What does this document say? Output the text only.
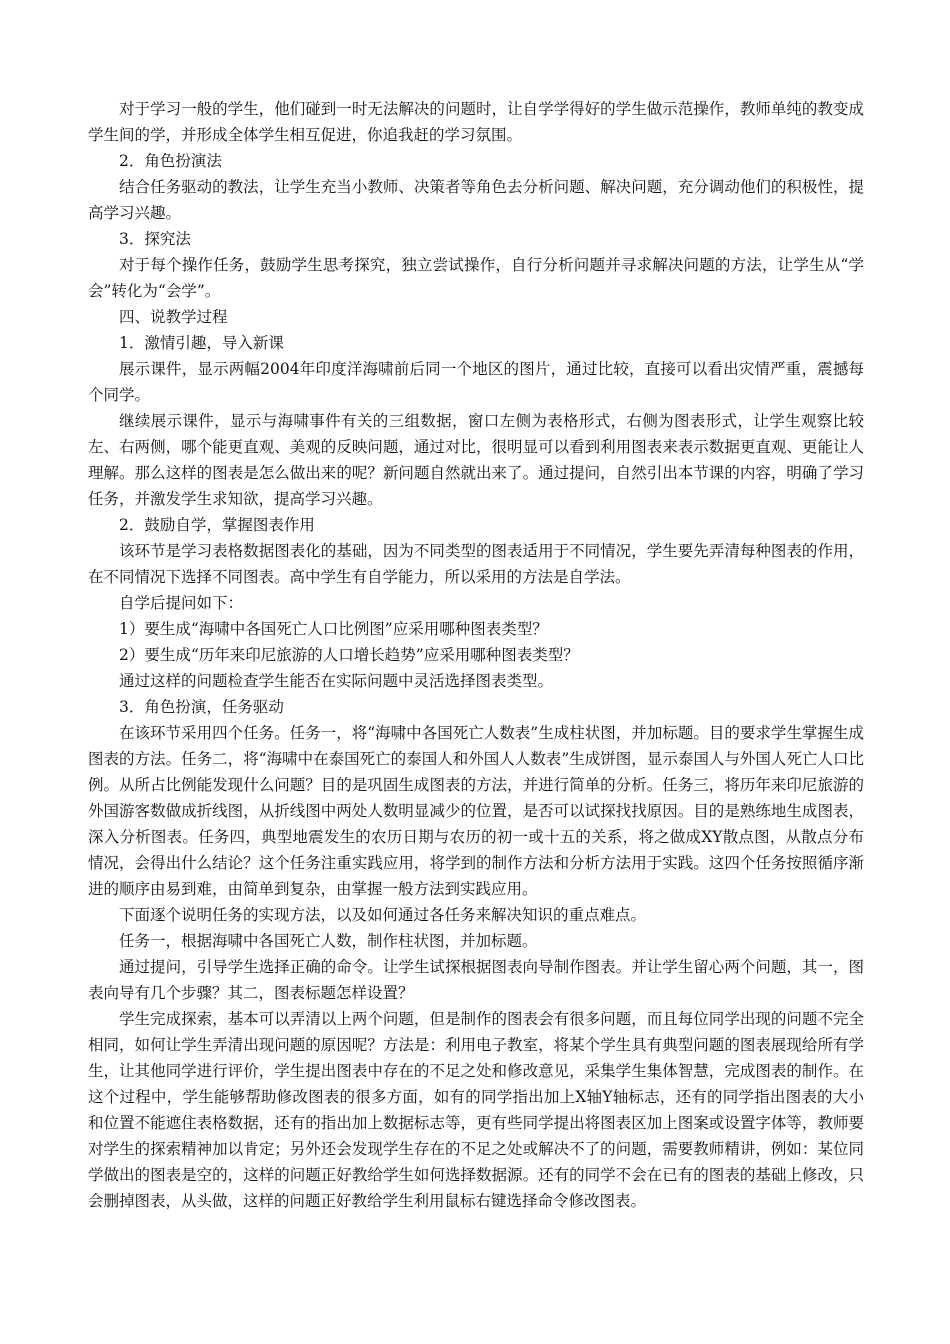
对于学习一般的学生，他们碰到一时无法解决的问题时，让自学学得好的学生做示范操作，教师单纯的教变成学生间的学，并形成全体学生相互促进，你追我赶的学习氛围。

2．角色扮演法

结合任务驱动的教法，让学生充当小教师、决策者等角色去分析问题、解决问题，充分调动他们的积极性，提高学习兴趣。

3．探究法

对于每个操作任务，鼓励学生思考探究，独立尝试操作，自行分析问题并寻求解决问题的方法，让学生从“学会”转化为“会学”。

四、说教学过程

1．激情引趣，导入新课

展示课件，显示两幅2004年印度洋海啸前后同一个地区的图片，通过比较，直接可以看出灾情严重，震撼每个同学。

继续展示课件，显示与海啸事件有关的三组数据，窗口左侧为表格形式，右侧为图表形式，让学生观察比较左、右两侧，哪个能更直观、美观的反映问题，通过对比，很明显可以看到利用图表来表示数据更直观、更能让人理解。那么这样的图表是怎么做出来的呢？新问题自然就出来了。通过提问，自然引出本节课的内容，明确了学习任务，并激发学生求知欲，提高学习兴趣。

2．鼓励自学，掌握图表作用

该环节是学习表格数据图表化的基础，因为不同类型的图表适用于不同情况，学生要先弄清每种图表的作用，在不同情况下选择不同图表。高中学生有自学能力，所以采用的方法是自学法。

自学后提问如下：

1）要生成“海啸中各国死亡人口比例图”应采用哪种图表类型？

2）要生成“历年来印尼旅游的人口增长趋势”应采用哪种图表类型？

通过这样的问题检查学生能否在实际问题中灵活选择图表类型。

3．角色扮演，任务驱动

在该环节采用四个任务。任务一，将“海啸中各国死亡人数表”生成柱状图，并加标题。目的要求学生掌握生成图表的方法。任务二，将“海啸中在泰国死亡的泰国人和外国人人数表”生成饼图，显示泰国人与外国人死亡人口比例。从所占比例能发现什么问题？目的是巩固生成图表的方法，并进行简单的分析。任务三，将历年来印尼旅游的外国游客数做成折线图，从折线图中两处人数明显减少的位置，是否可以试探找找原因。目的是熟练地生成图表，深入分析图表。任务四，典型地震发生的农历日期与农历的初一或十五的关系，将之做成XY散点图，从散点分布情况，会得出什么结论？这个任务注重实践应用，将学到的制作方法和分析方法用于实践。这四个任务按照循序渐进的顺序由易到难，由简单到复杂，由掌握一般方法到实践应用。

下面逐个说明任务的实现方法，以及如何通过各任务来解决知识的重点难点。

任务一，根据海啸中各国死亡人数，制作柱状图，并加标题。

通过提问，引导学生选择正确的命令。让学生试探根据图表向导制作图表。并让学生留心两个问题，其一，图表向导有几个步骤？其二，图表标题怎样设置？

学生完成探索，基本可以弄清以上两个问题，但是制作的图表会有很多问题，而且每位同学出现的问题不完全相同，如何让学生弄清出现问题的原因呢？方法是：利用电子教室，将某个学生具有典型问题的图表展现给所有学生，让其他同学进行评价，学生提出图表中存在的不足之处和修改意见，采集学生集体智慧，完成图表的制作。在这个过程中，学生能够帮助修改图表的很多方面，如有的同学指出加上X轴Y轴标志，还有的同学指出图表的大小和位置不能遮住表格数据，还有的指出加上数据标志等，更有些同学提出将图表区加上图案或设置字体等，教师要对学生的探索精神加以肯定；另外还会发现学生存在的不足之处或解决不了的问题，需要教师精讲，例如：某位同学做出的图表是空的，这样的问题正好教给学生如何选择数据源。还有的同学不会在已有的图表的基础上修改，只会删掉图表，从头做，这样的问题正好教给学生利用鼠标右键选择命令修改图表。
